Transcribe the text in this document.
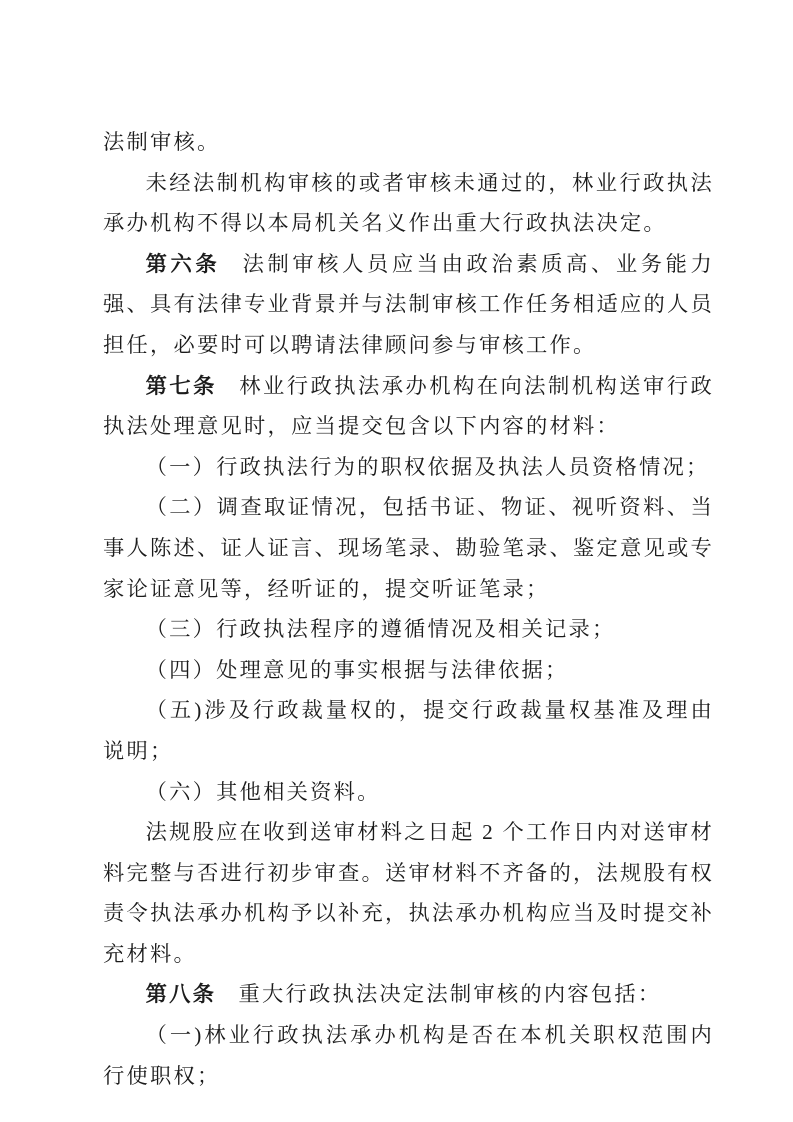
法制审核。

未经法制机构审核的或者审核未通过的，林业行政执法承办机构不得以本局机关名义作出重大行政执法决定。

第六条 法制审核人员应当由政治素质高、业务能力强、具有法律专业背景并与法制审核工作任务相适应的人员担任，必要时可以聘请法律顾问参与审核工作。

第七条 林业行政执法承办机构在向法制机构送审行政执法处理意见时，应当提交包含以下内容的材料：

（一）行政执法行为的职权依据及执法人员资格情况；

（二）调查取证情况，包括书证、物证、视听资料、当事人陈述、证人证言、现场笔录、勘验笔录、鉴定意见或专家论证意见等，经听证的，提交听证笔录；

（三）行政执法程序的遵循情况及相关记录；

（四）处理意见的事实根据与法律依据；

（五)涉及行政裁量权的，提交行政裁量权基准及理由说明；

（六）其他相关资料。

法规股应在收到送审材料之日起 2 个工作日内对送审材料完整与否进行初步审查。送审材料不齐备的，法规股有权责令执法承办机构予以补充，执法承办机构应当及时提交补充材料。

第八条 重大行政执法决定法制审核的内容包括：

（一)林业行政执法承办机构是否在本机关职权范围内行使职权；
